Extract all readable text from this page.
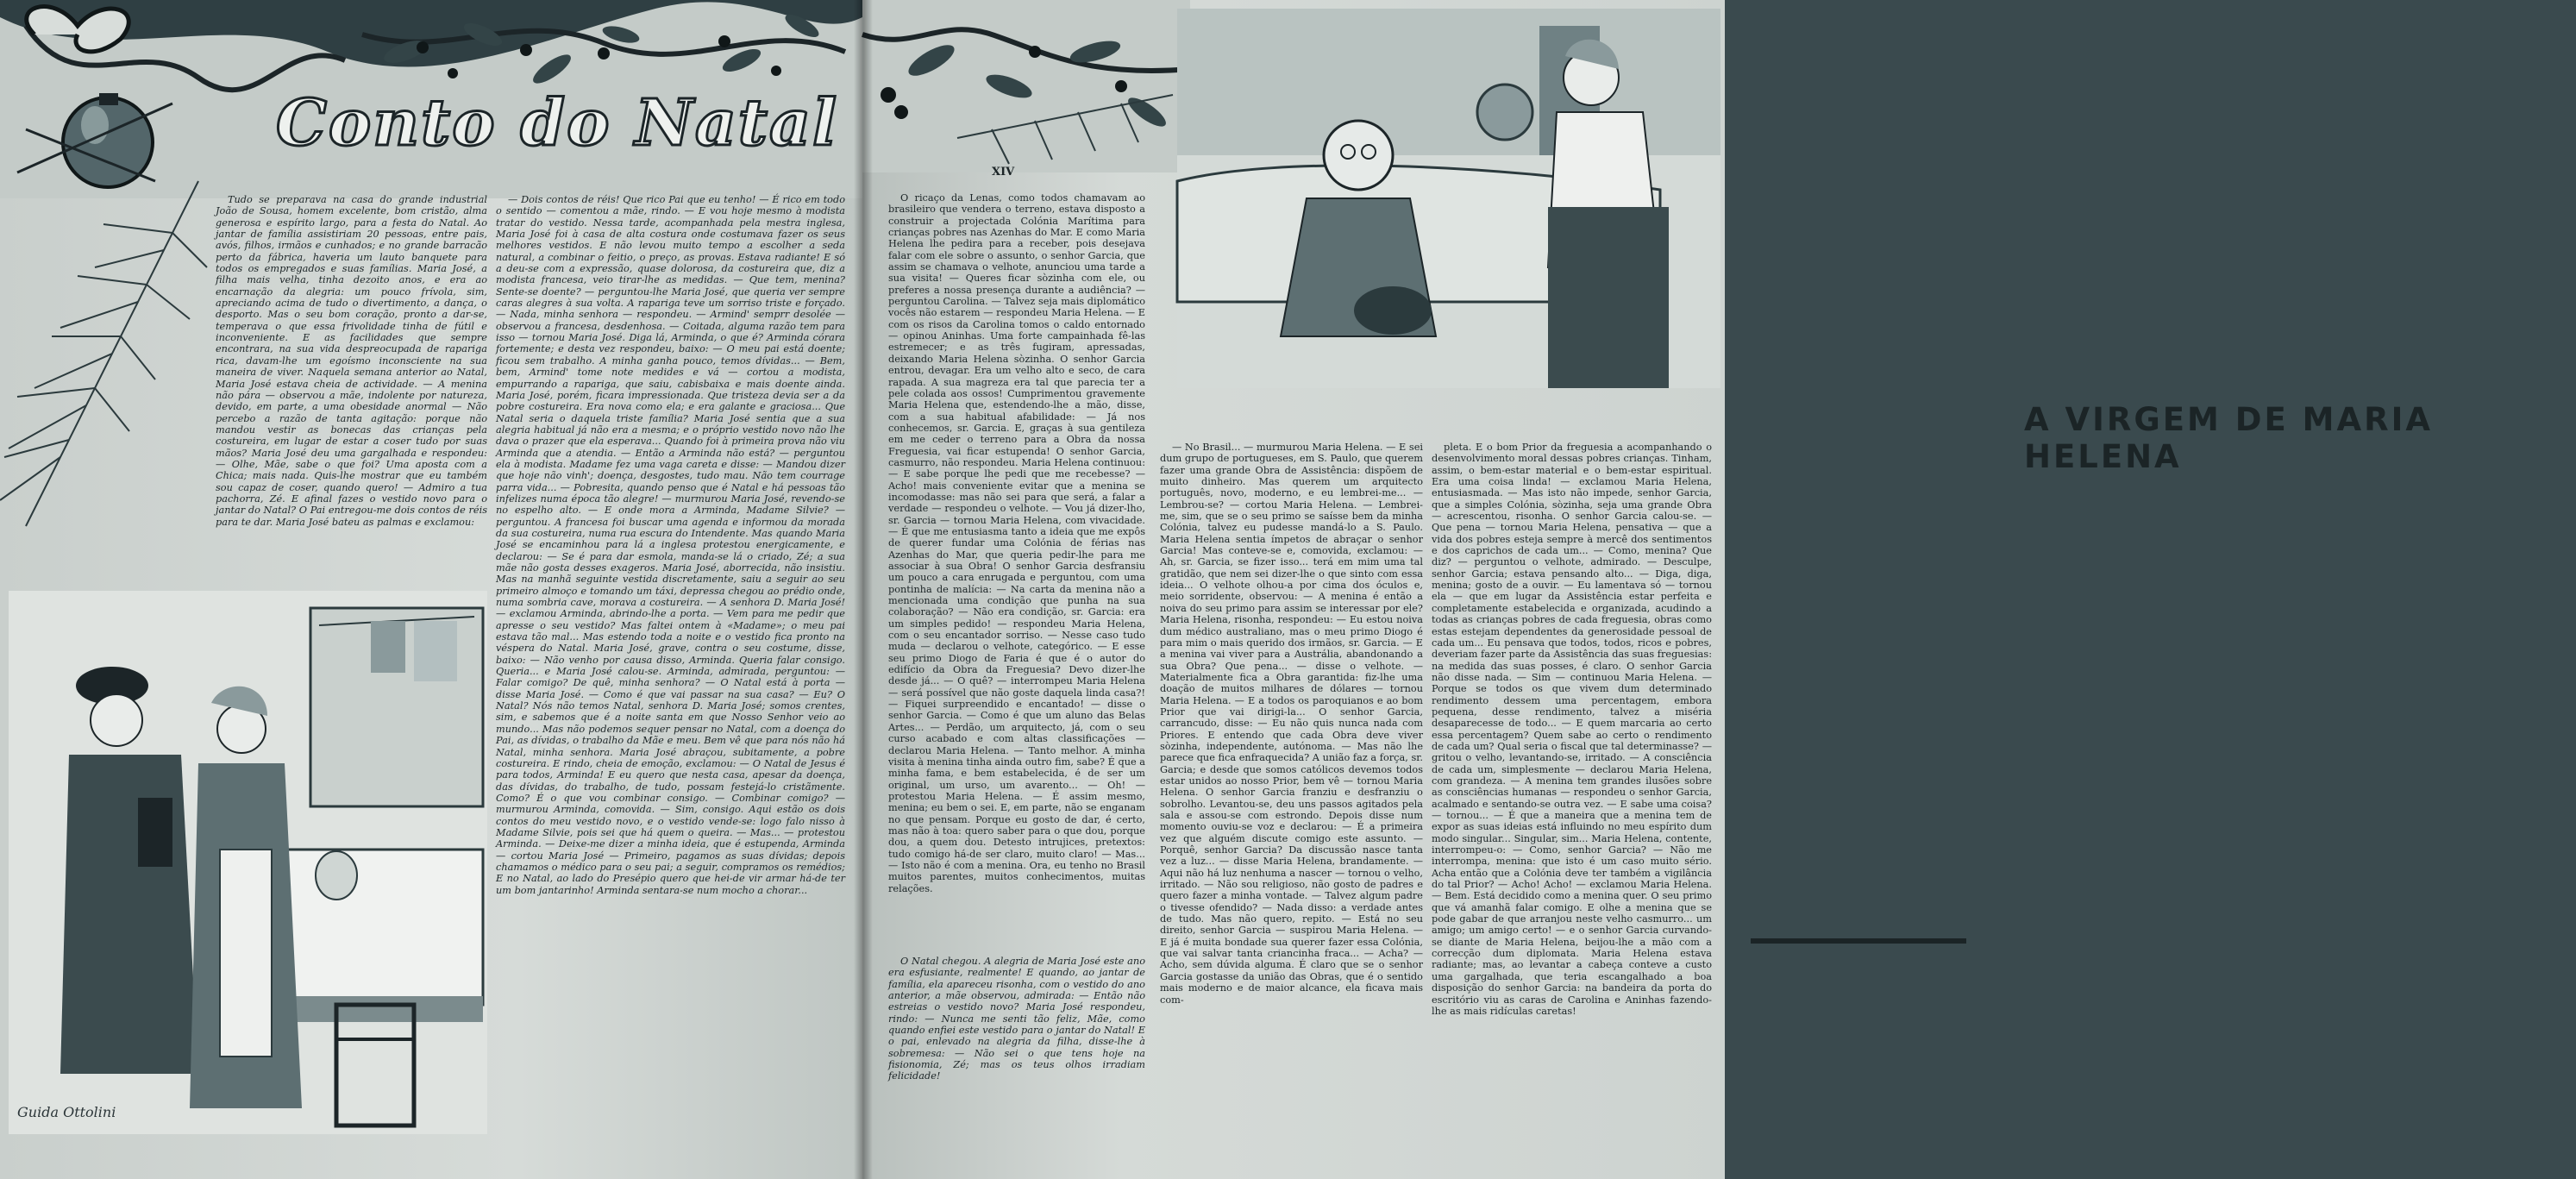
Conto do Natal

Tudo se preparava na casa do grande industrial João de Sousa, homem excelente, bom cristão, alma generosa e espírito largo, para a festa do Natal. Ao jantar de família assistiriam 20 pessoas, entre pais, avós, filhos, irmãos e cunhados; e no grande barracão perto da fábrica, haveria um lauto banquete para todos os empregados e suas famílias. Maria José, a filha mais velha, tinha dezoito anos, e era ao encarnação da alegria: um pouco frívola, sim, apreciando acima de tudo o divertimento, a dança, o desporto. Mas o seu bom coração, pronto a dar-se, temperava o que essa frivolidade tinha de fútil e inconveniente. E as facilidades que sempre encontrara, na sua vida despreocupada de rapariga rica, davam-lhe um egoísmo inconsciente na sua maneira de viver. Naquela semana anterior ao Natal, Maria José estava cheia de actividade. — A menina não pára — observou a mãe, indolente por natureza, devido, em parte, a uma obesidade anormal — Não percebo a razão de tanta agitação: porque não mandou vestir as bonecas das crianças pela costureira, em lugar de estar a coser tudo por suas mãos? Maria José deu uma gargalhada e respondeu: — Olhe, Mãe, sabe o que foi? Uma aposta com a Chica; mais nada. Quis-lhe mostrar que eu também sou capaz de coser, quando quero! — Admiro a tua pachorra, Zé. E afinal fazes o vestido novo para o jantar do Natal? O Pai entregou-me dois contos de réis para te dar. Maria José bateu as palmas e exclamou:

— Dois contos de réis! Que rico Pai que eu tenho! — É rico em todo o sentido — comentou a mãe, rindo. — E vou hoje mesmo à modista tratar do vestido. Nessa tarde, acompanhada pela mestra inglesa, Maria José foi à casa de alta costura onde costumava fazer os seus melhores vestidos. E não levou muito tempo a escolher a seda natural, a combinar o feitio, o preço, as provas. Estava radiante! E só a deu-se com a expressão, quase dolorosa, da costureira que, diz a modista francesa, veio tirar-lhe as medidas. — Que tem, menina? Sente-se doente? — perguntou-lhe Maria José, que queria ver sempre caras alegres à sua volta. A rapariga teve um sorriso triste e forçado. — Nada, minha senhora — respondeu. — Armind' semprr desolée — observou a francesa, desdenhosa. — Coitada, alguma razão tem para isso — tornou Maria José. Diga lá, Arminda, o que é? Arminda córara fortemente; e desta vez respondeu, baixo: — O meu pai está doente; ficou sem trabalho. A minha ganha pouco, temos dívidas... — Bem, bem, Armind' tome note medides e vá — cortou a modista, empurrando a rapariga, que saiu, cabisbaixa e mais doente ainda. Maria José, porém, ficara impressionada. Que tristeza devia ser a da pobre costureira. Era nova como ela; e era galante e graciosa... Que Natal seria o daquela triste família? Maria José sentia que a sua alegria habitual já não era a mesma; e o próprio vestido novo não lhe dava o prazer que ela esperava... Quando foi à primeira prova não viu Arminda que a atendia. — Então a Arminda não está? — perguntou ela à modista. Madame fez uma vaga careta e disse: — Mandou dizer que hoje não vinh'; doença, desgostes, tudo mau. Não tem courrage parra vida... — Pobresita, quando penso que é Natal e há pessoas tão infelizes numa época tão alegre! — murmurou Maria José, revendo-se no espelho alto. — E onde mora a Arminda, Madame Silvie? — perguntou. A francesa foi buscar uma agenda e informou da morada da sua costureira, numa rua escura do Intendente. Mas quando Maria José se encaminhou para lá a inglesa protestou energicamente, e declarou: — Se é para dar esmola, manda-se lá o criado, Zé; a sua mãe não gosta desses exageros. Maria José, aborrecida, não insistiu. Mas na manhã seguinte vestida discretamente, saiu a seguir ao seu primeiro almoço e tomando um táxi, depressa chegou ao prédio onde, numa sombria cave, morava a costureira. — A senhora D. Maria José! — exclamou Arminda, abrindo-lhe a porta. — Vem para me pedir que apresse o seu vestido? Mas faltei ontem à «Madame»; o meu pai estava tão mal... Mas estendo toda a noite e o vestido fica pronto na véspera do Natal. Maria José, grave, contra o seu costume, disse, baixo: — Não venho por causa disso, Arminda. Queria falar consigo. Queria... e Maria José calou-se. Arminda, admirada, perguntou: — Falar comigo? De quê, minha senhora? — O Natal está à porta — disse Maria José. — Como é que vai passar na sua casa? — Eu? O Natal? Nós não temos Natal, senhora D. Maria José; somos crentes, sim, e sabemos que é a noite santa em que Nosso Senhor veio ao mundo... Mas não podemos sequer pensar no Natal, com a doença do Pai, as dívidas, o trabalho da Mãe e meu. Bem vê que para nós não há Natal, minha senhora. Maria José abraçou, subitamente, a pobre costureira. E rindo, cheia de emoção, exclamou: — O Natal de Jesus é para todos, Arminda! E eu quero que nesta casa, apesar da doença, das dívidas, do trabalho, de tudo, possam festejá-lo cristãmente. Como? É o que vou combinar consigo. — Combinar comigo? — murmurou Arminda, comovida. — Sim, consigo. Aqui estão os dois contos do meu vestido novo, e o vestido vende-se: logo falo nisso à Madame Silvie, pois sei que há quem o queira. — Mas... — protestou Arminda. — Deixe-me dizer a minha ideia, que é estupenda, Arminda — cortou Maria José — Primeiro, pagamos as suas dívidas; depois chamamos o médico para o seu pai; a seguir, compramos os remédios; E no Natal, ao lado do Presépio quero que hei-de vir armar há-de ter um bom jantarinho! Arminda sentara-se num mocho a chorar...

Guida Ottolini
XIV

O ricaço da Lenas, como todos chamavam ao brasileiro que vendera o terreno, estava disposto a construir a projectada Colónia Marítima para crianças pobres nas Azenhas do Mar. E como Maria Helena lhe pedira para a receber, pois desejava falar com ele sobre o assunto, o senhor Garcia, que assim se chamava o velhote, anunciou uma tarde a sua visita! — Queres ficar sòzinha com ele, ou preferes a nossa presença durante a audiência? — perguntou Carolina. — Talvez seja mais diplomático vocês não estarem — respondeu Maria Helena. — E com os risos da Carolina tomos o caldo entornado — opinou Aninhas. Uma forte campainhada fê-las estremecer; e as três fugiram, apressadas, deixando Maria Helena sòzinha. O senhor Garcia entrou, devagar. Era um velho alto e seco, de cara rapada. A sua magreza era tal que parecia ter a pele colada aos ossos! Cumprimentou gravemente Maria Helena que, estendendo-lhe a mão, disse, com a sua habitual afabilidade: — Já nos conhecemos, sr. Garcia. E, graças à sua gentileza em me ceder o terreno para a Obra da nossa Freguesia, vai ficar estupenda! O senhor Garcia, casmurro, não respondeu. Maria Helena continuou: — E sabe porque lhe pedi que me recebesse? — Acho! mais conveniente evitar que a menina se incomodasse: mas não sei para que será, a falar a verdade — respondeu o velhote. — Vou já dizer-lho, sr. Garcia — tornou Maria Helena, com vivacidade. — É que me entusiasma tanto a ideia que me expôs de querer fundar uma Colónia de férias nas Azenhas do Mar, que queria pedir-lhe para me associar à sua Obra! O senhor Garcia desfransiu um pouco a cara enrugada e perguntou, com uma pontinha de malícia: — Na carta da menina não a mencionada uma condição que punha na sua colaboração? — Não era condição, sr. Garcia: era um simples pedido! — respondeu Maria Helena, com o seu encantador sorriso. — Nesse caso tudo muda — declarou o velhote, categórico. — E esse seu primo Diogo de Faria é que é o autor do edifício da Obra da Freguesia? Devo dizer-lhe desde já... — O quê? — interrompeu Maria Helena — será possível que não goste daquela linda casa?! — Fiquei surpreendido e encantado! — disse o senhor Garcia. — Como é que um aluno das Belas Artes... — Perdão, um arquitecto, já, com o seu curso acabado e com altas classificações — declarou Maria Helena. — Tanto melhor. A minha visita à menina tinha ainda outro fim, sabe? É que a minha fama, e bem estabelecida, é de ser um original, um urso, um avarento... — Oh! — protestou Maria Helena. — É assim mesmo, menina; eu bem o sei. E, em parte, não se enganam no que pensam. Porque eu gosto de dar, é certo, mas não à toa: quero saber para o que dou, porque dou, a quem dou. Detesto intrujices, pretextos: tudo comigo há-de ser claro, muito claro! — Mas... — Isto não é com a menina. Ora, eu tenho no Brasil muitos parentes, muitos conhecimentos, muitas relações.

O Natal chegou. A alegria de Maria José este ano era esfusiante, realmente! E quando, ao jantar de família, ela apareceu risonha, com o vestido do ano anterior, a mãe observou, admirada: — Então não estreias o vestido novo? Maria José respondeu, rindo: — Nunca me senti tão feliz, Mãe, como quando enfiei este vestido para o jantar do Natal! E o pai, enlevado na alegria da filha, disse-lhe à sobremesa: — Não sei o que tens hoje na fisionomia, Zé; mas os teus olhos irradiam felicidade!

A VIRGEM DE MARIA HELENA

— No Brasil... — murmurou Maria Helena. — E sei dum grupo de portugueses, em S. Paulo, que querem fazer uma grande Obra de Assistência: dispõem de muito dinheiro. Mas querem um arquitecto português, novo, moderno, e eu lembrei-me... — Lembrou-se? — cortou Maria Helena. — Lembrei-me, sim, que se o seu primo se saísse bem da minha Colónia, talvez eu pudesse mandá-lo a S. Paulo. Maria Helena sentia ímpetos de abraçar o senhor Garcia! Mas conteve-se e, comovida, exclamou: — Ah, sr. Garcia, se fizer isso... terá em mim uma tal gratidão, que nem sei dizer-lhe o que sinto com essa ideia... O velhote olhou-a por cima dos óculos e, meio sorridente, observou: — A menina é então a noiva do seu primo para assim se interessar por ele? Maria Helena, risonha, respondeu: — Eu estou noiva dum médico australiano, mas o meu primo Diogo é para mim o mais querido dos irmãos, sr. Garcia. — E a menina vai viver para a Austrália, abandonando a sua Obra? Que pena... — disse o velhote. — Materialmente fica a Obra garantida: fiz-lhe uma doação de muitos milhares de dólares — tornou Maria Helena. — E a todos os paroquianos e ao bom Prior que vai dirigi-la... O senhor Garcia, carrancudo, disse: — Eu não quis nunca nada com Priores. E entendo que cada Obra deve viver sòzinha, independente, autónoma. — Mas não lhe parece que fica enfraquecida? A união faz a força, sr. Garcia; e desde que somos católicos devemos todos estar unidos ao nosso Prior, bem vê — tornou Maria Helena. O senhor Garcia franziu e desfranziu o sobrolho. Levantou-se, deu uns passos agitados pela sala e assou-se com estrondo. Depois disse num momento ouviu-se voz e declarou: — É a primeira vez que alguém discute comigo este assunto. — Porquê, senhor Garcia? Da discussão nasce tanta vez a luz... — disse Maria Helena, brandamente. — Aqui não há luz nenhuma a nascer — tornou o velho, irritado. — Não sou religioso, não gosto de padres e quero fazer a minha vontade. — Talvez algum padre o tivesse ofendido? — Nada disso: a verdade antes de tudo. Mas não quero, repito. — Está no seu direito, senhor Garcia — suspirou Maria Helena. — E já é muita bondade sua querer fazer essa Colónia, que vai salvar tanta criancinha fraca... — Acha? — Acho, sem dúvida alguma. É claro que se o senhor Garcia gostasse da união das Obras, que é o sentido mais moderno e de maior alcance, ela ficava mais com-

pleta. E o bom Prior da freguesia a acompanhando o desenvolvimento moral dessas pobres crianças. Tinham, assim, o bem-estar material e o bem-estar espiritual. Era uma coisa linda! — exclamou Maria Helena, entusiasmada. — Mas isto não impede, senhor Garcia, que a simples Colónia, sòzinha, seja uma grande Obra — acrescentou, risonha. O senhor Garcia calou-se. — Que pena — tornou Maria Helena, pensativa — que a vida dos pobres esteja sempre à mercê dos sentimentos e dos caprichos de cada um... — Como, menina? Que diz? — perguntou o velhote, admirado. — Desculpe, senhor Garcia; estava pensando alto... — Diga, diga, menina; gosto de a ouvir. — Eu lamentava só — tornou ela — que em lugar da Assistência estar perfeita e completamente estabelecida e organizada, acudindo a todas as crianças pobres de cada freguesia, obras como estas estejam dependentes da generosidade pessoal de cada um... Eu pensava que todos, todos, ricos e pobres, deveriam fazer parte da Assistência das suas freguesias: na medida das suas posses, é claro. O senhor Garcia não disse nada. — Sim — continuou Maria Helena. — Porque se todos os que vivem dum determinado rendimento dessem uma percentagem, embora pequena, desse rendimento, talvez a miséria desaparecesse de todo... — E quem marcaria ao certo essa percentagem? Quem sabe ao certo o rendimento de cada um? Qual seria o fiscal que tal determinasse? — gritou o velho, levantando-se, irritado. — A consciência de cada um, simplesmente — declarou Maria Helena, com grandeza. — A menina tem grandes ilusões sobre as consciências humanas — respondeu o senhor Garcia, acalmado e sentando-se outra vez. — E sabe uma coisa? — tornou... — É que a maneira que a menina tem de expor as suas ideias está influindo no meu espírito dum modo singular... Singular, sim... Maria Helena, contente, interrompeu-o: — Como, senhor Garcia? — Não me interrompa, menina: que isto é um caso muito sério. Acha então que a Colónia deve ter também a vigilância do tal Prior? — Acho! Acho! — exclamou Maria Helena. — Bem. Está decidido como a menina quer. O seu primo que vá amanhã falar comigo. E olhe a menina que se pode gabar de que arranjou neste velho casmurro... um amigo; um amigo certo! — e o senhor Garcia curvando-se diante de Maria Helena, beijou-lhe a mão com a correcção dum diplomata. Maria Helena estava radiante; mas, ao levantar a cabeça conteve a custo uma gargalhada, que teria escangalhado a boa disposição do senhor Garcia: na bandeira da porta do escritório viu as caras de Carolina e Aninhas fazendo-lhe as mais ridículas caretas!
